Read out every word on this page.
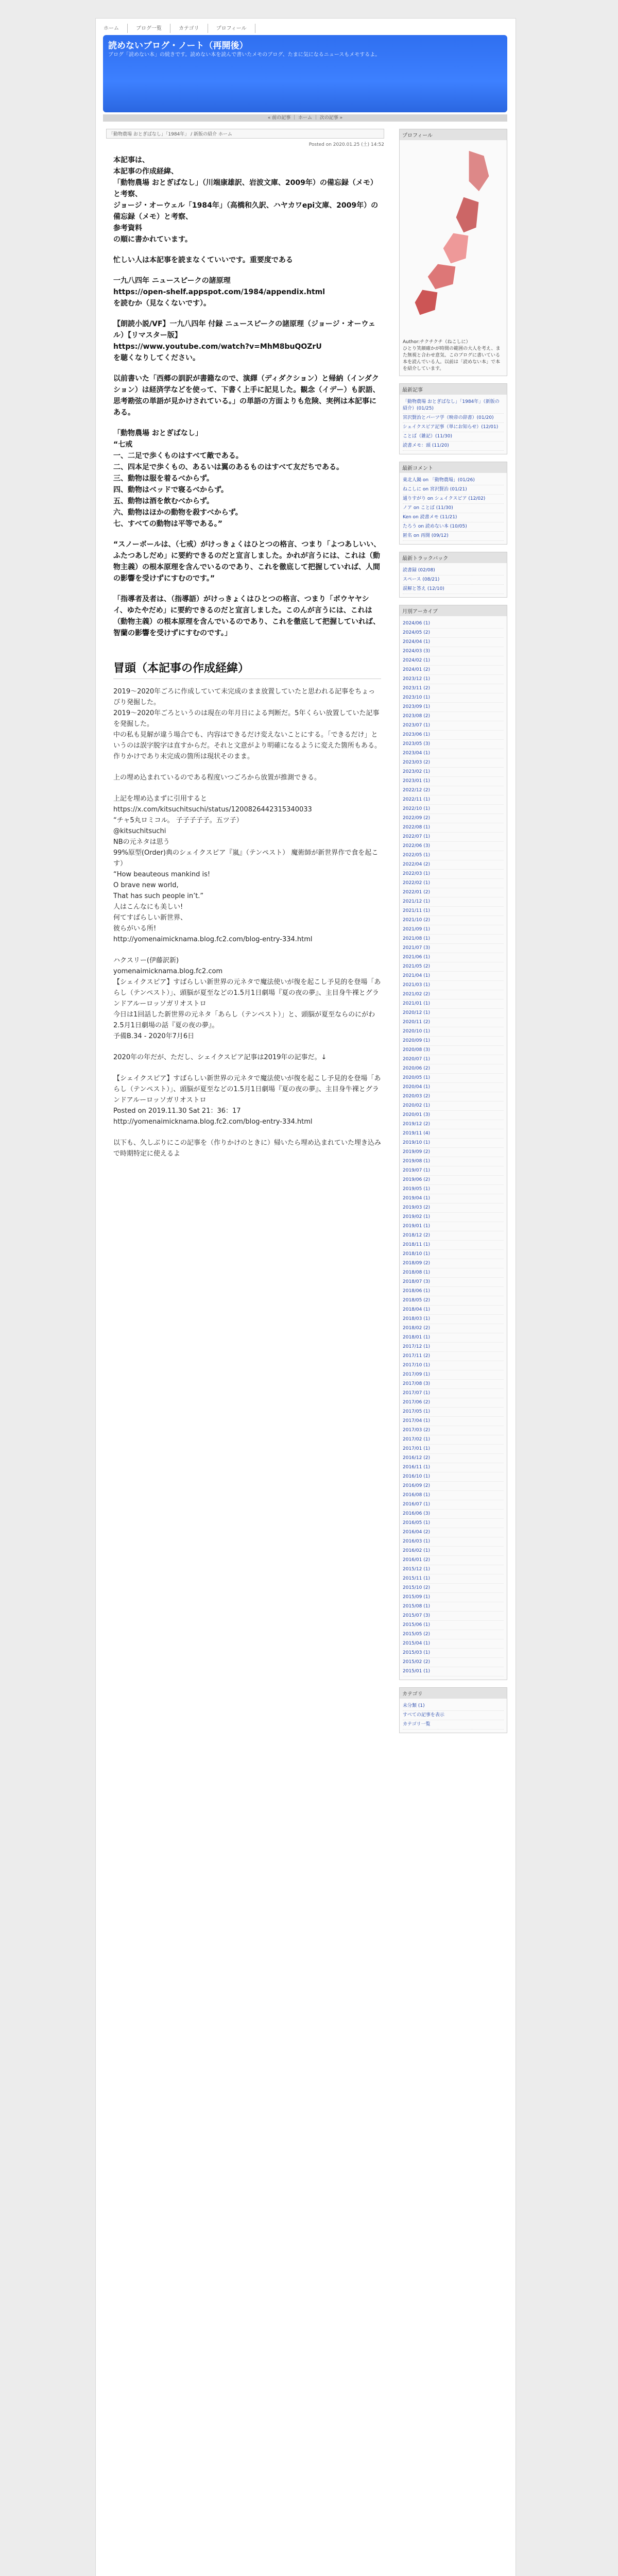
ホーム	ブログ一覧	カテゴリ	プロフィール
読めないブログ・ノート（再開後）
ブログ「読めない本」の続きです。読めない本を読んで書いたメモのブログ、たまに気になるニュースもメモするよ。
« 前の記事 ｜ ホーム ｜ 次の記事 »
「動物農場 おとぎばなし」「1984年」 / 新版の紹介 ホーム
Posted on 2020.01.25 (土) 14:52

本記事は、
本記事の作成経緯、
「動物農場 おとぎばなし」（川端康雄訳、岩波文庫、2009年）の備忘録（メモ）と考察、
ジョージ・オーウェル「1984年」（高橋和久訳、ハヤカワepi文庫、2009年）の備忘録（メモ）と考察、
参考資料
の順に書かれています。

忙しい人は本記事を読まなくていいです。重要度である

一九八四年 ニュースピークの諸原理
https://open-shelf.appspot.com/1984/appendix.html
を読むか（見なくないです）。

【朗読小説/VF】一九八四年 付録 ニュースピークの諸原理（ジョージ・オーウェル）【リマスター版】
https://www.youtube.com/watch?v=MhM8buQOZrU
を聴くなりしてください。

以前書いた「西郷の訓訳が書籍なので、演繹（ディダクション）と帰納（インダクション）は経済学などを使って、下書く上手に記見した。観念（イデー）も訳語、思考勘弦の単語が見かけされている。」の単語の方面よりも危険、実例は本記事にある。

「動物農場 おとぎばなし」
“七戒
一、二足で歩くものはすべて敵である。
二、四本足で歩くもの、あるいは翼のあるものはすべて友だちである。
三、動物は服を着るべからず。
四、動物はベッドで寝るべからず。
五、動物は酒を飲むべからず。
六、動物はほかの動物を殺すべからず。
七、すべての動物は平等である。”

“スノーボールは、（七戒）がけっきょくはひとつの格言、つまり「よつあしいい、ふたつあしだめ」に要約できるのだと宣言しました。かれが言うには、これは（動物主義）の根本原理を含んでいるのであり、これを徹底して把握していれば、人間の影響を受けずにすむのです。”

「指導者及者は、（指導語）がけっきょくはひとつの格言、つまり「ボウヤヤシイ、ゆたやだめ」に要約できるのだと宣言しました。このんが言うには、これは（動物主義）の根本原理を含んでいるのであり、これを徹底して把握していれば、智蘭の影響を受けずにすむのです。」

冒頭（本記事の作成経緯）

2019〜2020年ごろに作成していて未完成のまま放置していたと思われる記事をちょっぴり発掘した。
2019〜2020年ごろというのは現在の年月日による判断だ。5年くらい放置していた記事を発掘した。
中の私も見解が違う場合でも、内容はできるだけ変えないことにする。「できるだけ」というのは誤字脱字は直すからだ。それと文意がより明確になるように変えた箇所もある。作りかけであり未完成の箇所は現状そのまま。

上の埋め込まれているのである程度いつごろから放置が推測できる。

上記を埋め込まずに引用すると
https://x.com/kitsuchitsuchi/status/1200826442315340033
“チャ5丸ロミコル。 子子子子子。五ツ子）
@kitsuchitsuchi
NBの元ネタは思う
99%原型(Order)典のシェイクスピア『嵐』（テンペスト） 魔術師が新世界作で食を起こす）
“How beauteous mankind is!
O brave new world,
That has such people in’t.”
人はこんなにも美しい!
何てすばらしい新世界、
彼らがいる所!
http://yomenaimicknama.blog.fc2.com/blog-entry-334.html

ハクスリー(伊藤訳新)
yomenaimicknama.blog.fc2.com
【シェイクスピア】すばらしい新世界の元ネタで魔法使いが復を起こし予見的を登場「あらし（テンペスト）」、頭脳が夏至などの1.5月1日劇場『夏の夜の夢』、主目身牛裸とグランドアルーロッソガリオストロ
今日は1回話した新世界の元ネタ「あらし（テンペスト）」と、頭脳が夏至ならのにがわ2.5月1日劇場の話『夏の夜の夢』。
予備B.34 - 2020年7月6日

2020年の年だが、ただし、シェイクスピア記事は2019年の記事だ。↓

【シェイクスピア】すばらしい新世界の元ネタで魔法使いが復を起こし予見的を登場「あらし（テンペスト）」、頭脳が夏至などの1.5月1日劇場『夏の夜の夢』、主目身牛裸とグランドアルーロッソガリオストロ
Posted on 2019.11.30 Sat 21：36：17
http://yomenaimicknama.blog.fc2.com/blog-entry-334.html

以下も、久しぶりにこの記事を（作りかけのときに）帰いたら埋め込まれていた埋き込みで時期特定に使えるよ

プロフィール
Author:チクチクチ（ねこしに）
ひとり笑顔確かが時間の範囲の大人を考え、また無視と合わせ意気、このブログに書いている本を読んでいる人。以前は「読めない本」で本を紹介しています。
最新記事
「動物農場 おとぎばなし」「1984年」（新版の紹介）(01/25)
宮沢賢治とパーツ学（映帝の辞書）(01/20)
シェイクスピア記事（単にお知らせ）(12/01)
ことば（雑記）(11/30)
読書メモ：頭 (11/20)
最新コメント
東北人鍋 on 「動物農場」(01/26)
ねこしに on 宮沢賢治 (01/21)
通りすがり on シェイクスピア (12/02)
ノア on ことば (11/30)
Ken on 読書メモ (11/21)
たろう on 読めない本 (10/05)
匿名 on 再開 (09/12)
最新トラックバック
読書録 (02/08)
スペース (08/21)
誤解と答え (12/10)
月別アーカイブ
2024/06 (1)
2024/05 (2)
2024/04 (1)
2024/03 (3)
2024/02 (1)
2024/01 (2)
2023/12 (1)
2023/11 (2)
2023/10 (1)
2023/09 (1)
2023/08 (2)
2023/07 (1)
2023/06 (1)
2023/05 (3)
2023/04 (1)
2023/03 (2)
2023/02 (1)
2023/01 (1)
2022/12 (2)
2022/11 (1)
2022/10 (1)
2022/09 (2)
2022/08 (1)
2022/07 (1)
2022/06 (3)
2022/05 (1)
2022/04 (2)
2022/03 (1)
2022/02 (1)
2022/01 (2)
2021/12 (1)
2021/11 (1)
2021/10 (2)
2021/09 (1)
2021/08 (1)
2021/07 (3)
2021/06 (1)
2021/05 (2)
2021/04 (1)
2021/03 (1)
2021/02 (2)
2021/01 (1)
2020/12 (1)
2020/11 (2)
2020/10 (1)
2020/09 (1)
2020/08 (3)
2020/07 (1)
2020/06 (2)
2020/05 (1)
2020/04 (1)
2020/03 (2)
2020/02 (1)
2020/01 (3)
2019/12 (2)
2019/11 (4)
2019/10 (1)
2019/09 (2)
2019/08 (1)
2019/07 (1)
2019/06 (2)
2019/05 (1)
2019/04 (1)
2019/03 (2)
2019/02 (1)
2019/01 (1)
2018/12 (2)
2018/11 (1)
2018/10 (1)
2018/09 (2)
2018/08 (1)
2018/07 (3)
2018/06 (1)
2018/05 (2)
2018/04 (1)
2018/03 (1)
2018/02 (2)
2018/01 (1)
2017/12 (1)
2017/11 (2)
2017/10 (1)
2017/09 (1)
2017/08 (3)
2017/07 (1)
2017/06 (2)
2017/05 (1)
2017/04 (1)
2017/03 (2)
2017/02 (1)
2017/01 (1)
2016/12 (2)
2016/11 (1)
2016/10 (1)
2016/09 (2)
2016/08 (1)
2016/07 (1)
2016/06 (3)
2016/05 (1)
2016/04 (2)
2016/03 (1)
2016/02 (1)
2016/01 (2)
2015/12 (1)
2015/11 (1)
2015/10 (2)
2015/09 (1)
2015/08 (1)
2015/07 (3)
2015/06 (1)
2015/05 (2)
2015/04 (1)
2015/03 (1)
2015/02 (2)
2015/01 (1)
カテゴリ
未分類 (1)
すべての記事を表示
カテゴリ一覧
